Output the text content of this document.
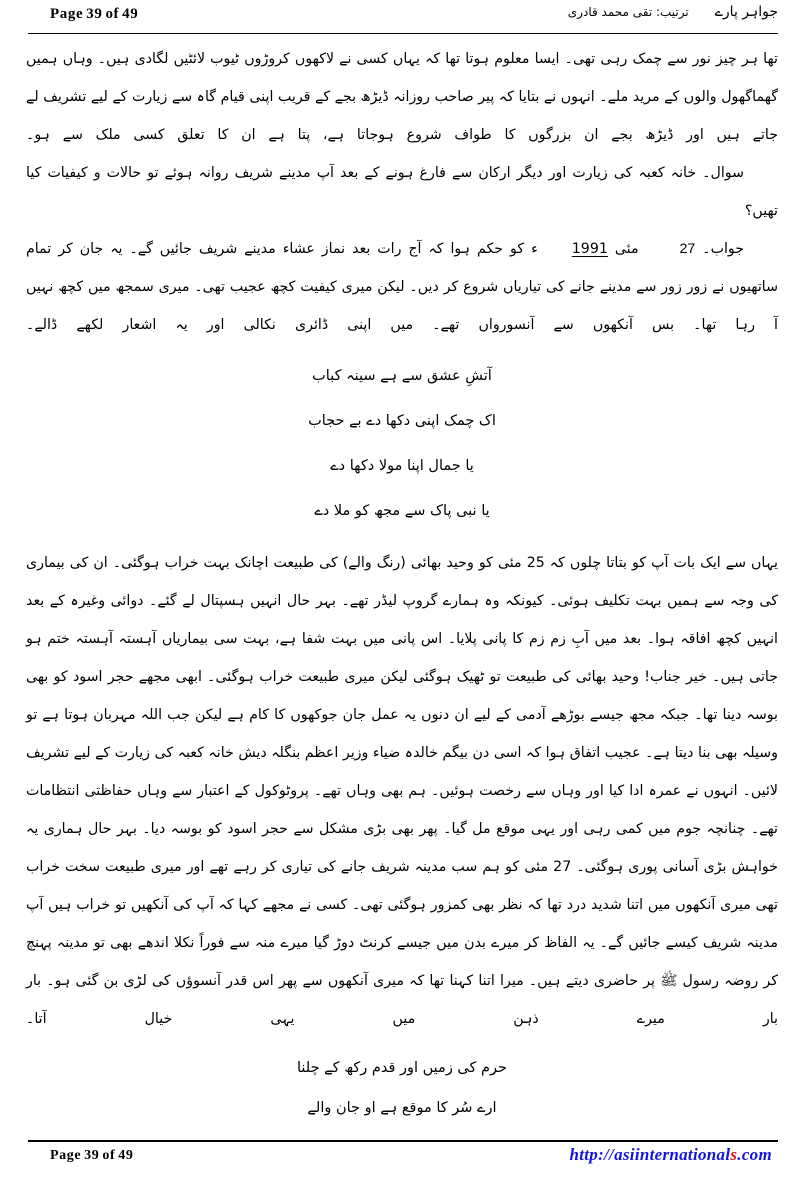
Page 39 of 49	جواہر پارے
ترتیب: تقی محمد قادری

تھا ہر چیز نور سے چمک رہی تھی۔ ایسا معلوم ہوتا تھا کہ یہاں کسی نے لاکھوں کروڑوں ٹیوب لائٹیں لگادی ہیں۔ وہاں ہمیں گھماگھول والوں کے مرید ملے۔ انہوں نے بتایا کہ پیر صاحب روزانہ ڈیڑھ بجے کے قریب اپنی قیام گاہ سے زیارت کے لیے تشریف لے جاتے ہیں اور ڈیڑھ بجے ان بزرگوں کا طواف شروع ہوجاتا ہے، پتا ہے ان کا تعلق کسی ملک سے ہو۔

سوال۔ خانہ کعبہ کی زیارت اور دیگر ارکان سے فارغ ہونے کے بعد آپ مدینے شریف روانہ ہوئے تو حالات و کیفیات کیا تھیں؟

جواب۔ 27 مئی 1991ء کو حکم ہوا کہ آج رات بعد نماز عشاء مدینے شریف جائیں گے۔ یہ جان کر تمام ساتھیوں نے زور زور سے مدینے جانے کی تیاریاں شروع کر دیں۔ لیکن میری کیفیت کچھ عجیب تھی۔ میری سمجھ میں کچھ نہیں آ رہا تھا۔ بس آنکھوں سے آنسورواں تھے۔ میں اپنی ڈائری نکالی اور یہ اشعار لکھے ڈالے۔

آتشِ عشق سے ہے سینہ کباب
اک چمک اپنی دکھا دے بے حجاب
یا جمال اپنا مولا دکھا دے
یا نبی پاک سے مجھ کو ملا دے

یہاں سے ایک بات آپ کو بتاتا چلوں کہ 25 مئی کو وحید بھائی (رنگ والے) کی طبیعت اچانک بہت خراب ہوگئی۔ ان کی بیماری کی وجہ سے ہمیں بہت تکلیف ہوئی۔ کیونکہ وہ ہمارے گروپ لیڈر تھے۔ بہر حال انہیں ہسپتال لے گئے۔ دوائی وغیرہ کے بعد انہیں کچھ افاقہ ہوا۔ بعد میں آبِ زم زم کا پانی پلایا۔ اس پانی میں بہت شفا ہے، بہت سی بیماریاں آہستہ آہستہ ختم ہو جاتی ہیں۔ خیر جناب! وحید بھائی کی طبیعت تو ٹھیک ہوگئی لیکن میری طبیعت خراب ہوگئی۔ ابھی مجھے حجر اسود کو بھی بوسہ دینا تھا۔ جبکہ مجھ جیسے بوڑھے آدمی کے لیے ان دنوں یہ عمل جان جوکھوں کا کام ہے لیکن جب اللہ مہربان ہوتا ہے تو وسیلہ بھی بنا دیتا ہے۔ عجیب اتفاق ہوا کہ اسی دن بیگم خالدہ ضیاء وزیر اعظم بنگلہ دیش خانہ کعبہ کی زیارت کے لیے تشریف لائیں۔ انہوں نے عمرہ ادا کیا اور وہاں سے رخصت ہوئیں۔ ہم بھی وہاں تھے۔ پروٹوکول کے اعتبار سے وہاں حفاظتی انتظامات تھے۔ چنانچہ جوم میں کمی رہی اور یہی موقع مل گیا۔ پھر بھی بڑی مشکل سے حجر اسود کو بوسہ دیا۔ بہر حال ہماری یہ خواہش بڑی آسانی پوری ہوگئی۔ 27 مئی کو ہم سب مدینہ شریف جانے کی تیاری کر رہے تھے اور میری طبیعت سخت خراب تھی میری آنکھوں میں اتنا شدید درد تھا کہ نظر بھی کمزور ہوگئی تھی۔ کسی نے مجھے کہا کہ آپ کی آنکھیں تو خراب ہیں آپ مدینہ شریف کیسے جائیں گے۔ یہ الفاظ کر میرے بدن میں جیسے کرنٹ دوڑ گیا میرے منہ سے فوراً نکلا اندھے بھی تو مدینہ پہنچ کر روضہ رسول ﷺ پر حاضری دیتے ہیں۔ میرا اتنا کہنا تھا کہ میری آنکھوں سے پھر اس قدر آنسوؤں کی لڑی بن گئی ہو۔ بار بار میرے ذہن میں یہی خیال آتا۔

حرم کی زمیں اور قدم رکھ کے چلنا
ارے سُر کا موقع ہے او جان والے
Page 39 of 49	http://asiinternationals.com
